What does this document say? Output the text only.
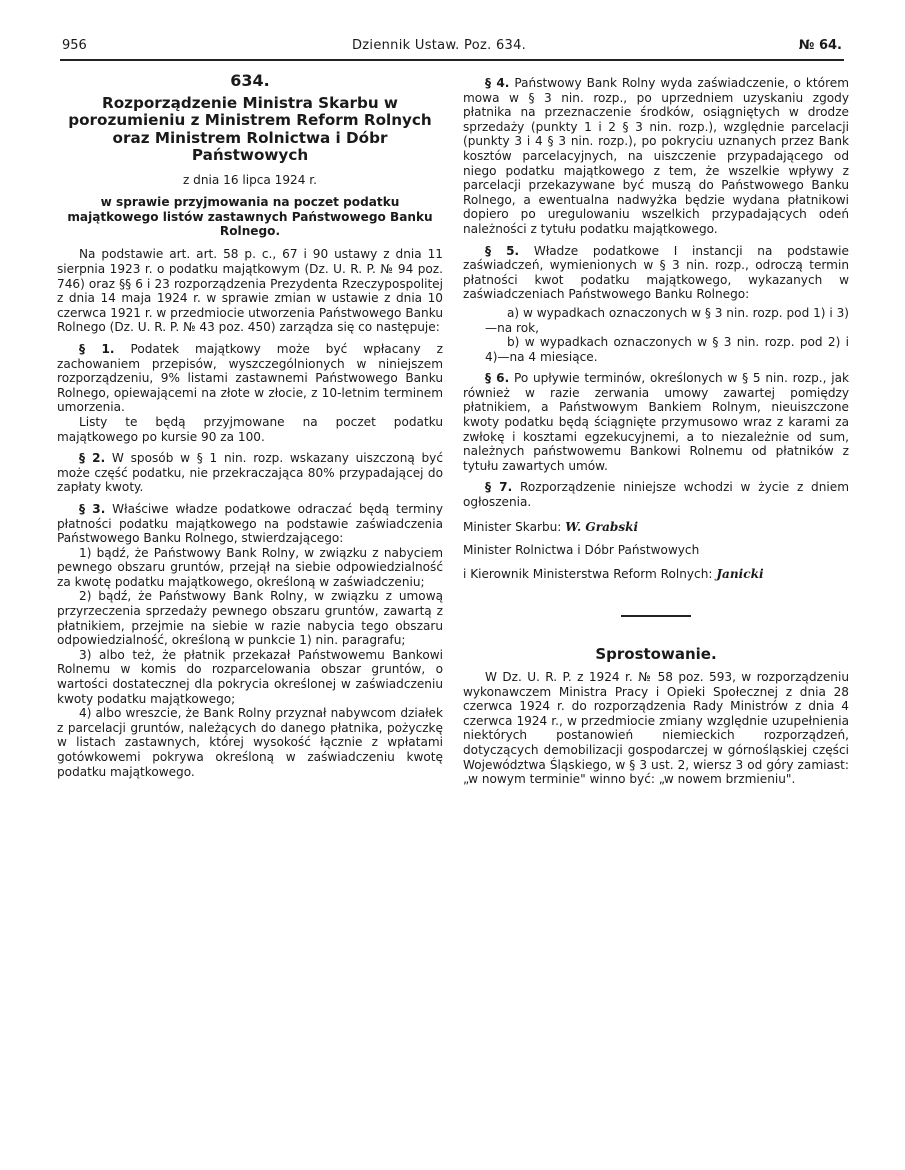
956	Dziennik Ustaw. Poz. 634.	№ 64.
634.
Rozporządzenie Ministra Skarbu w porozumieniu z Ministrem Reform Rolnych oraz Ministrem Rolnictwa i Dóbr Państwowych
z dnia 16 lipca 1924 r.
w sprawie przyjmowania na poczet podatku majątkowego listów zastawnych Państwowego Banku Rolnego.

Na podstawie art. art. 58 p. c., 67 i 90 ustawy z dnia 11 sierpnia 1923 r. o podatku majątkowym (Dz. U. R. P. № 94 poz. 746) oraz §§ 6 i 23 rozporządzenia Prezydenta Rzeczypospolitej z dnia 14 maja 1924 r. w sprawie zmian w ustawie z dnia 10 czerwca 1921 r. w przedmiocie utworzenia Państwowego Banku Rolnego (Dz. U. R. P. № 43 poz. 450) zarządza się co następuje:

§ 1. Podatek majątkowy może być wpłacany z zachowaniem przepisów, wyszczególnionych w niniejszem rozporządzeniu, 9% listami zastawnemi Państwowego Banku Rolnego, opiewającemi na złote w złocie, z 10-letnim terminem umorzenia.

Listy te będą przyjmowane na poczet podatku majątkowego po kursie 90 za 100.

§ 2. W sposób w § 1 nin. rozp. wskazany uiszczoną być może część podatku, nie przekraczająca 80% przypadającej do zapłaty kwoty.

§ 3. Właściwe władze podatkowe odraczać będą terminy płatności podatku majątkowego na podstawie zaświadczenia Państwowego Banku Rolnego, stwierdzającego:

1) bądź, że Państwowy Bank Rolny, w związku z nabyciem pewnego obszaru gruntów, przejął na siebie odpowiedzialność za kwotę podatku majątkowego, określoną w zaświadczeniu;

2) bądź, że Państwowy Bank Rolny, w związku z umową przyrzeczenia sprzedaży pewnego obszaru gruntów, zawartą z płatnikiem, przejmie na siebie w razie nabycia tego obszaru odpowiedzialność, określoną w punkcie 1) nin. paragrafu;

3) albo też, że płatnik przekazał Państwowemu Bankowi Rolnemu w komis do rozparcelowania obszar gruntów, o wartości dostatecznej dla pokrycia określonej w zaświadczeniu kwoty podatku majątkowego;

4) albo wreszcie, że Bank Rolny przyznał nabywcom działek z parcelacji gruntów, należących do danego płatnika, pożyczkę w listach zastawnych, której wysokość łącznie z wpłatami gotówkowemi pokrywa określoną w zaświadczeniu kwotę podatku majątkowego.

§ 4. Państwowy Bank Rolny wyda zaświadczenie, o którem mowa w § 3 nin. rozp., po uprzedniem uzyskaniu zgody płatnika na przeznaczenie środków, osiągniętych w drodze sprzedaży (punkty 1 i 2 § 3 nin. rozp.), względnie parcelacji (punkty 3 i 4 § 3 nin. rozp.), po pokryciu uznanych przez Bank kosztów parcelacyjnych, na uiszczenie przypadającego od niego podatku majątkowego z tem, że wszelkie wpływy z parcelacji przekazywane być muszą do Państwowego Banku Rolnego, a ewentualna nadwyżka będzie wydana płatnikowi dopiero po uregulowaniu wszelkich przypadających odeń należności z tytułu podatku majątkowego.

§ 5. Władze podatkowe I instancji na podstawie zaświadczeń, wymienionych w § 3 nin. rozp., odroczą termin płatności kwot podatku majątkowego, wykazanych w zaświadczeniach Państwowego Banku Rolnego:

a) w wypadkach oznaczonych w § 3 nin. rozp. pod 1) i 3)—na rok,

b) w wypadkach oznaczonych w § 3 nin. rozp. pod 2) i 4)—na 4 miesiące.

§ 6. Po upływie terminów, określonych w § 5 nin. rozp., jak również w razie zerwania umowy zawartej pomiędzy płatnikiem, a Państwowym Bankiem Rolnym, nieuiszczone kwoty podatku będą ściągnięte przymusowo wraz z karami za zwłokę i kosztami egzekucyjnemi, a to niezależnie od sum, należnych państwowemu Bankowi Rolnemu od płatników z tytułu zawartych umów.

§ 7. Rozporządzenie niniejsze wchodzi w życie z dniem ogłoszenia.

Minister Skarbu: W. Grabski

Minister Rolnictwa i Dóbr Państwowych

i Kierownik Ministerstwa Reform Rolnych: Janicki

Sprostowanie.

W Dz. U. R. P. z 1924 r. № 58 poz. 593, w rozporządzeniu wykonawczem Ministra Pracy i Opieki Społecznej z dnia 28 czerwca 1924 r. do rozporządzenia Rady Ministrów z dnia 4 czerwca 1924 r., w przedmiocie zmiany względnie uzupełnienia niektórych postanowień niemieckich rozporządzeń, dotyczących demobilizacji gospodarczej w górnośląskiej części Województwa Śląskiego, w § 3 ust. 2, wiersz 3 od góry zamiast: „w nowym terminie" winno być: „w nowem brzmieniu".
